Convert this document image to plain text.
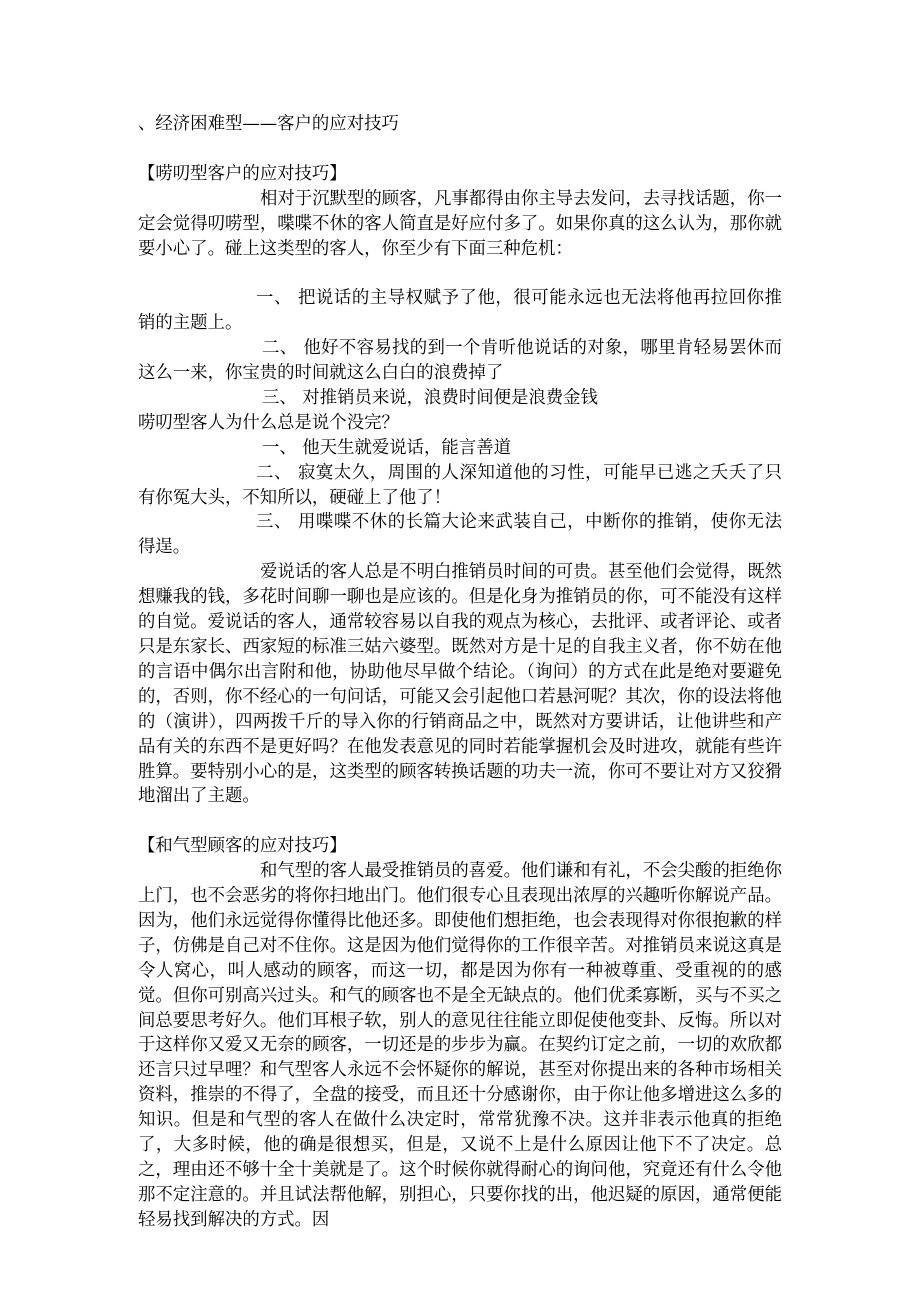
、经济困难型——客户的应对技巧

【唠叨型客户的应对技巧】

相对于沉默型的顾客，凡事都得由你主导去发问，去寻找话题，你一定会觉得叨唠型，喋喋不休的客人简直是好应付多了。如果你真的这么认为，那你就要小心了。碰上这类型的客人，你至少有下面三种危机：

一、 把说话的主导权赋予了他，很可能永远也无法将他再拉回你推销的主题上。

二、 他好不容易找的到一个肯听他说话的对象，哪里肯轻易罢休而这么一来，你宝贵的时间就这么白白的浪费掉了

三、 对推销员来说，浪费时间便是浪费金钱

唠叨型客人为什么总是说个没完？

一、 他天生就爱说话，能言善道

二、 寂寞太久，周围的人深知道他的习性，可能早已逃之夭夭了只有你冤大头，不知所以，硬碰上了他了！

三、 用喋喋不休的长篇大论来武装自己，中断你的推销，使你无法得逞。

爱说话的客人总是不明白推销员时间的可贵。甚至他们会觉得，既然想赚我的钱，多花时间聊一聊也是应该的。但是化身为推销员的你，可不能没有这样的自觉。爱说话的客人，通常较容易以自我的观点为核心，去批评、或者评论、或者只是东家长、西家短的标准三姑六婆型。既然对方是十足的自我主义者，你不妨在他的言语中偶尔出言附和他，协助他尽早做个结论。（询问）的方式在此是绝对要避免的，否则，你不经心的一句问话，可能又会引起他口若悬河呢？其次，你的设法将他的（演讲），四两拨千斤的导入你的行销商品之中，既然对方要讲话，让他讲些和产品有关的东西不是更好吗？在他发表意见的同时若能掌握机会及时进攻，就能有些许胜算。要特别小心的是，这类型的顾客转换话题的功夫一流，你可不要让对方又狡猾地溜出了主题。

【和气型顾客的应对技巧】

和气型的客人最受推销员的喜爱。他们谦和有礼，不会尖酸的拒绝你上门，也不会恶劣的将你扫地出门。他们很专心且表现出浓厚的兴趣听你解说产品。因为，他们永远觉得你懂得比他还多。即使他们想拒绝，也会表现得对你很抱歉的样子，仿佛是自己对不住你。这是因为他们觉得你的工作很辛苦。对推销员来说这真是令人窝心，叫人感动的顾客，而这一切，都是因为你有一种被尊重、受重视的的感觉。但你可别高兴过头。和气的顾客也不是全无缺点的。他们优柔寡断，买与不买之间总要思考好久。他们耳根子软，别人的意见往往能立即促使他变卦、反悔。所以对于这样你又爱又无奈的顾客，一切还是的步步为赢。在契约订定之前，一切的欢欣都还言只过早哩？和气型客人永远不会怀疑你的解说，甚至对你提出来的各种市场相关资料，推崇的不得了，全盘的接受，而且还十分感谢你，由于你让他多增进这么多的知识。但是和气型的客人在做什么决定时，常常犹豫不决。这并非表示他真的拒绝了，大多时候，他的确是很想买，但是，又说不上是什么原因让他下不了决定。总之，理由还不够十全十美就是了。这个时候你就得耐心的询问他，究竟还有什么令他那不定注意的。并且试法帮他解，别担心，只要你找的出，他迟疑的原因，通常便能轻易找到解决的方式。因
